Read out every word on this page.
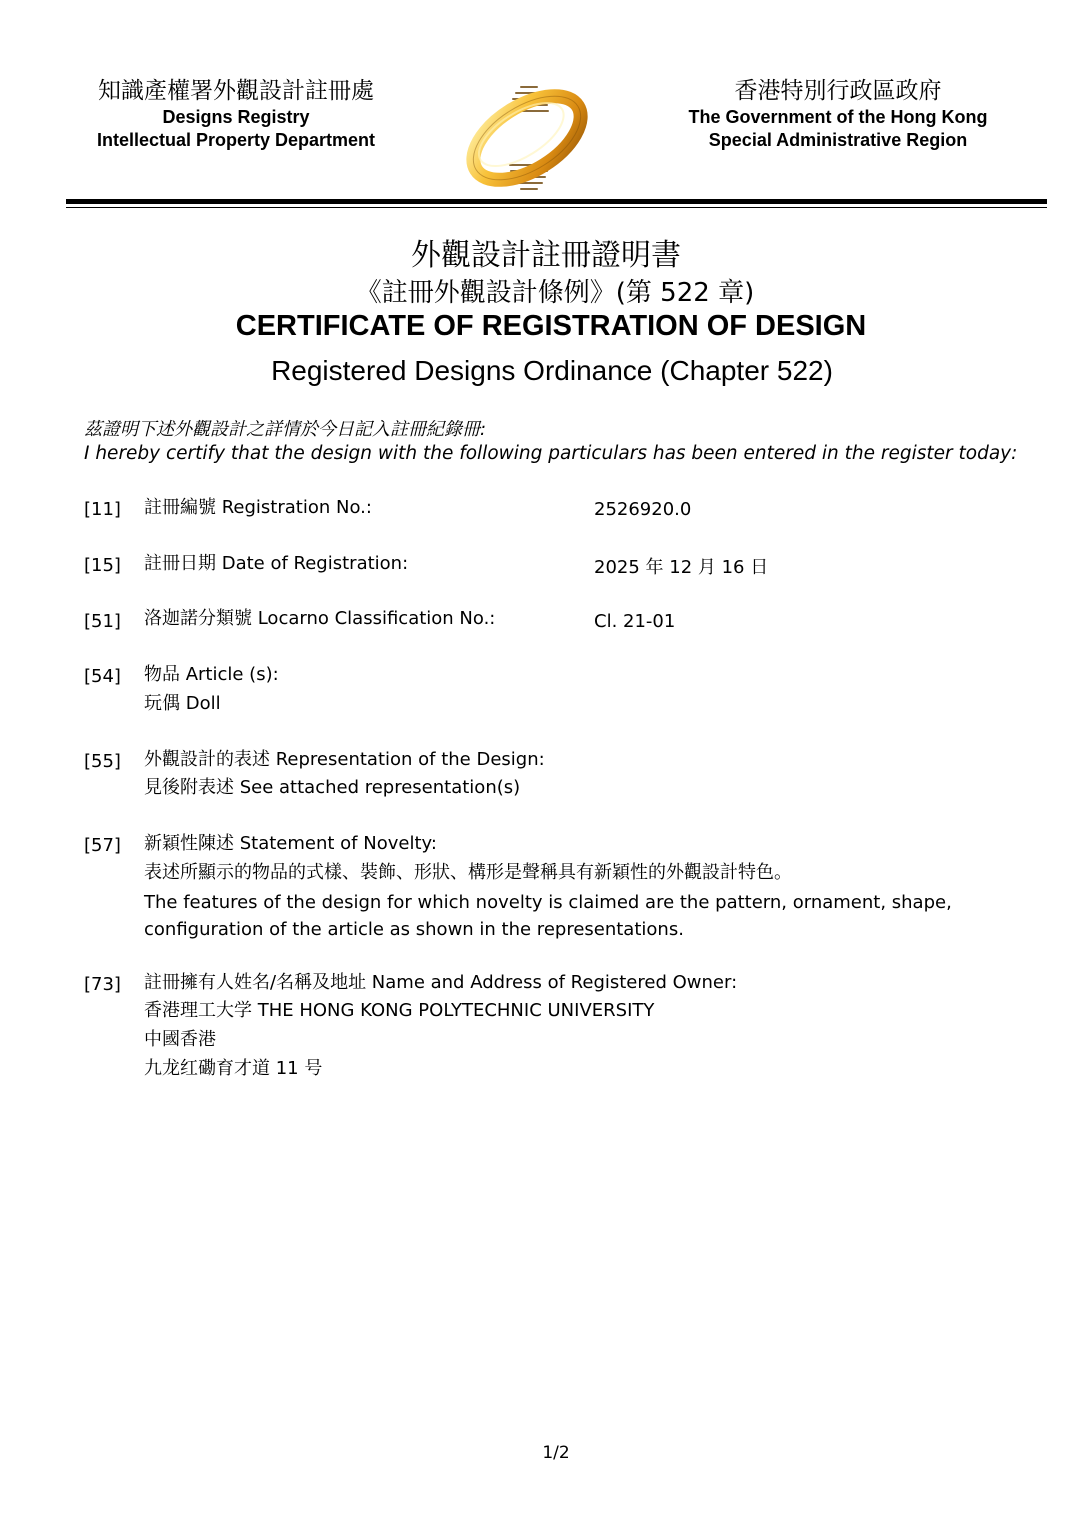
知識產權署外觀設計註冊處
Designs Registry
Intellectual Property Department
香港特別行政區政府
The Government of the Hong Kong
Special Administrative Region
外觀設計註冊證明書
《註冊外觀設計條例》(第 522 章)
CERTIFICATE OF REGISTRATION OF DESIGN
Registered Designs Ordinance (Chapter 522)
茲證明下述外觀設計之詳情於今日記入註冊紀錄冊:
I hereby certify that the design with the following particulars has been entered in the register today:
[11] 註冊編號 Registration No.:	2526920.0
[15] 註冊日期 Date of Registration:	2025 年 12 月 16 日
[51] 洛迦諾分類號 Locarno Classification No.:	Cl. 21-01
[54] 物品 Article (s):
玩偶 Doll
[55] 外觀設計的表述 Representation of the Design:
見後附表述 See attached representation(s)
[57] 新穎性陳述 Statement of Novelty:
表述所顯示的物品的式樣、裝飾、形狀、構形是聲稱具有新穎性的外觀設計特色。
The features of the design for which novelty is claimed are the pattern, ornament, shape,
configuration of the article as shown in the representations.
[73] 註冊擁有人姓名/名稱及地址 Name and Address of Registered Owner:
香港理工大学 THE HONG KONG POLYTECHNIC UNIVERSITY
中國香港
九龙红磡育才道 11 号
1/2
